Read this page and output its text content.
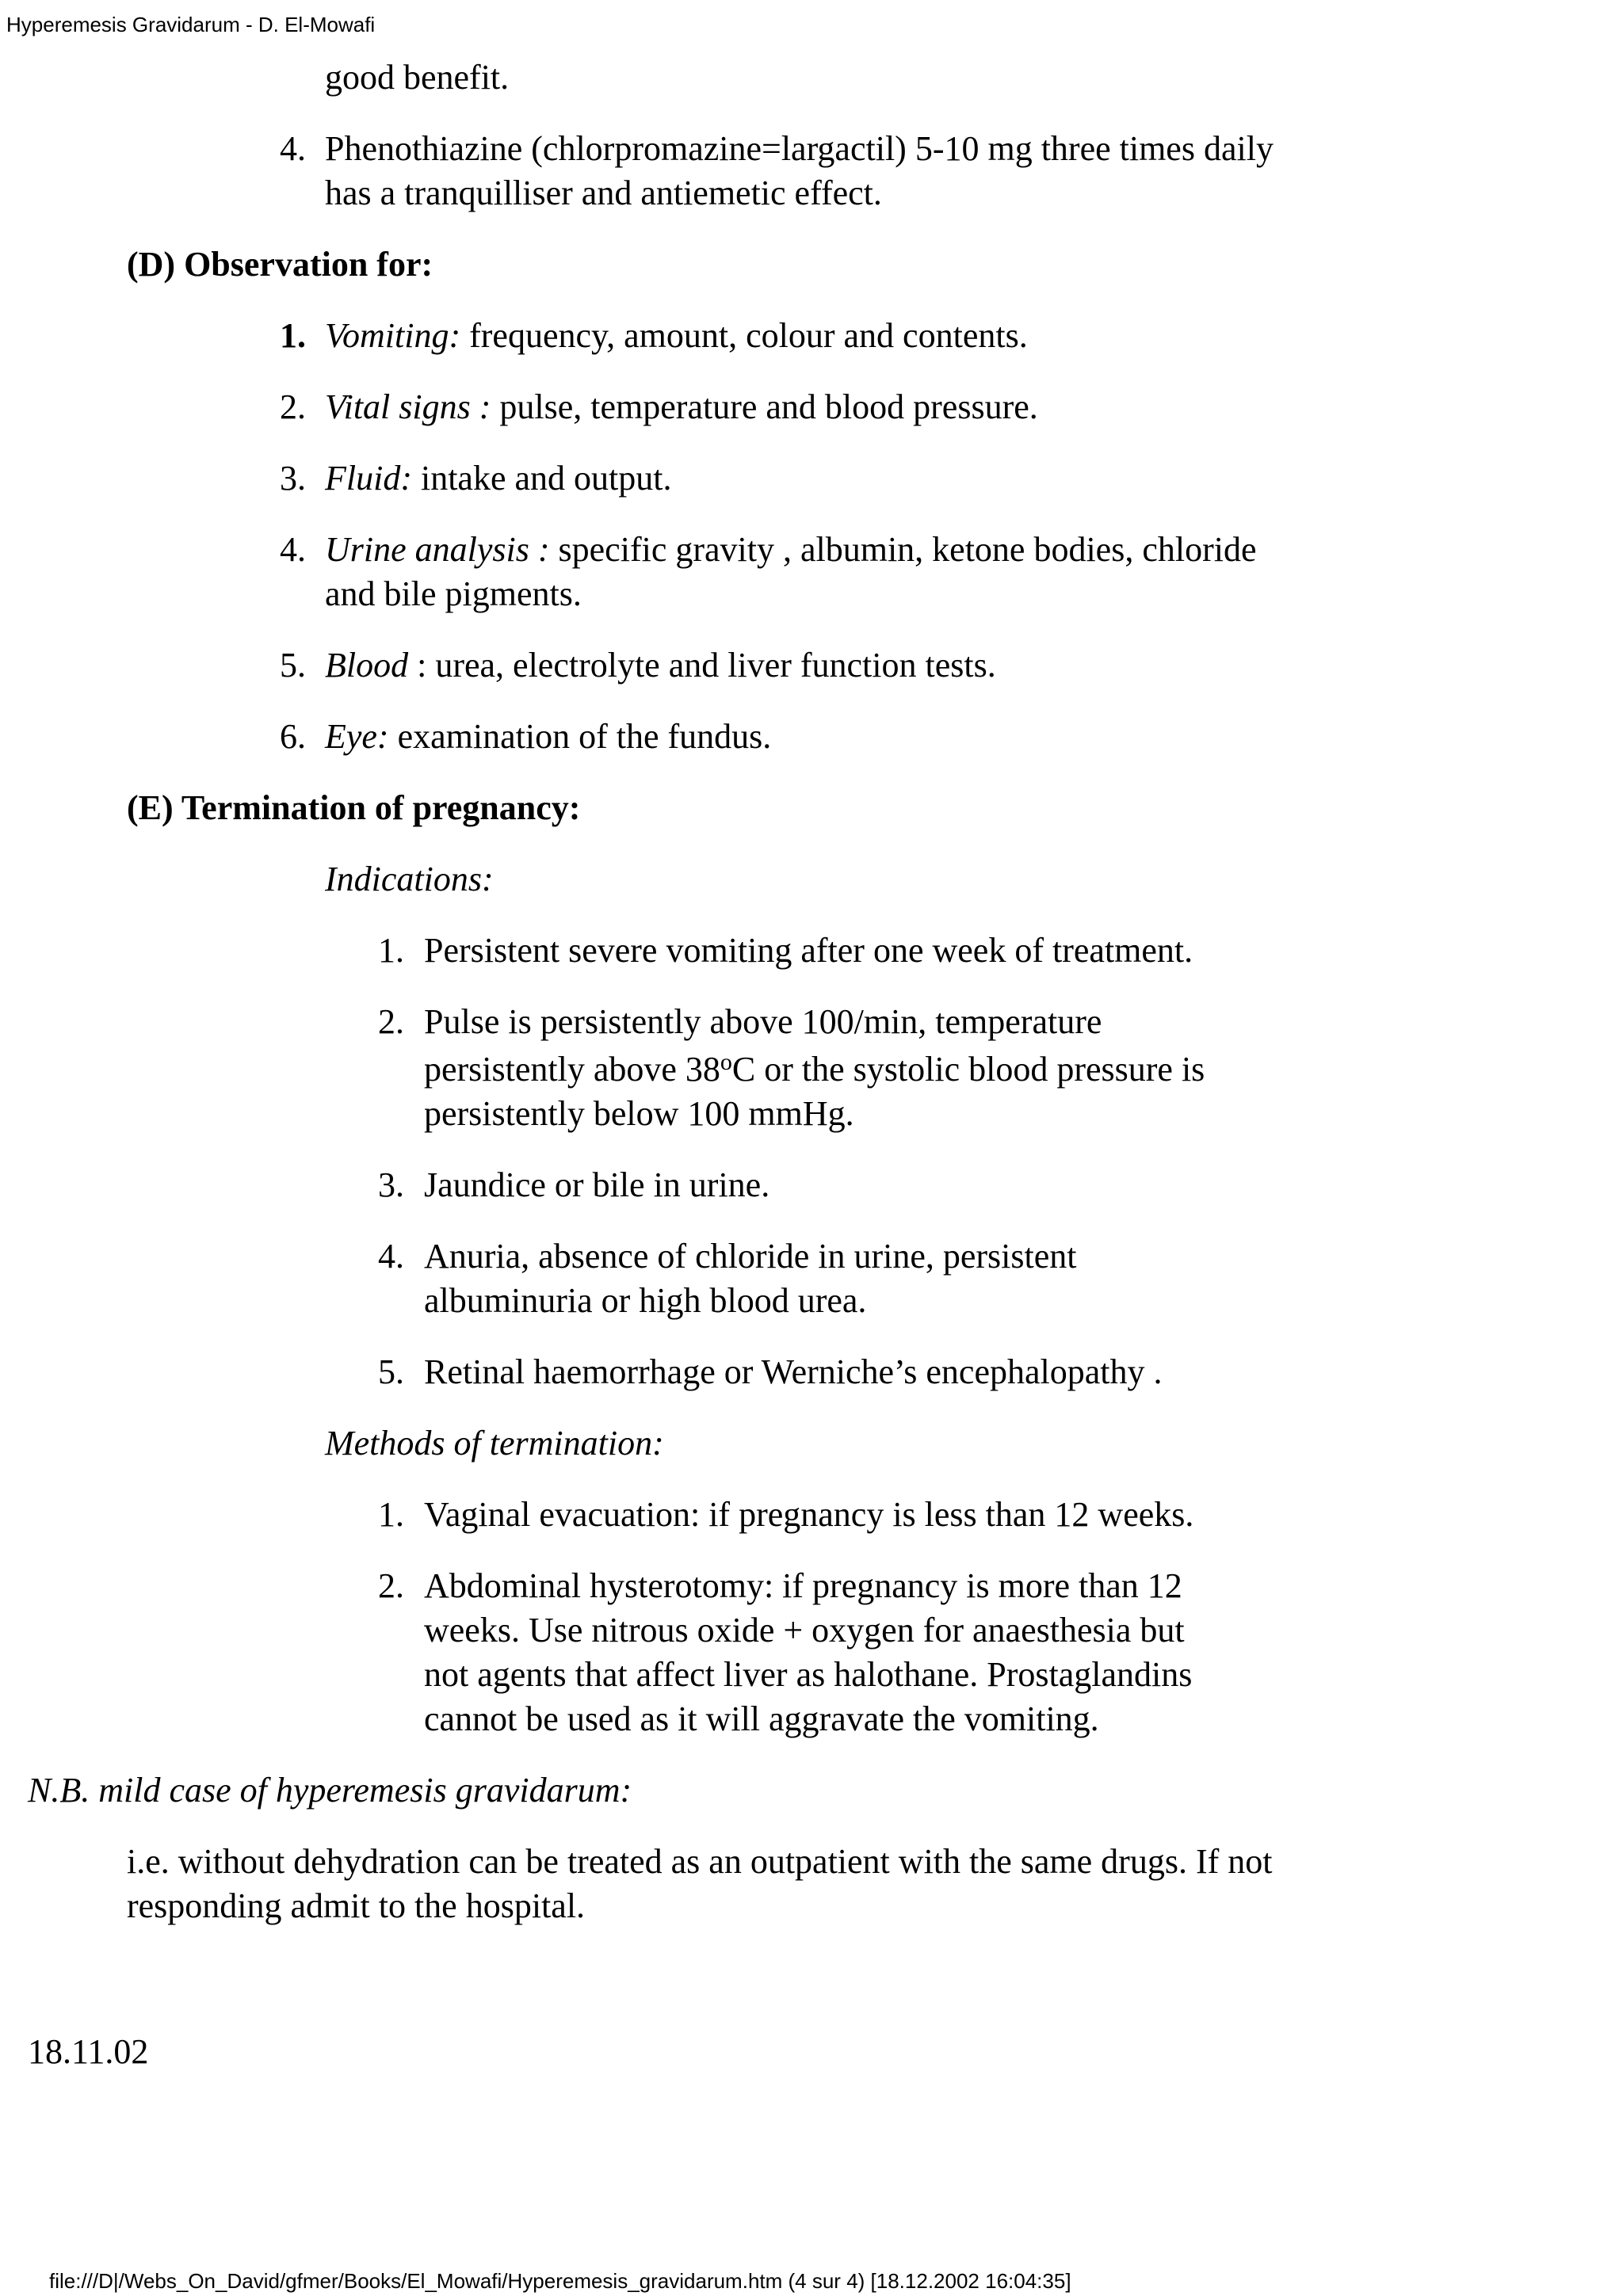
Hyperemesis Gravidarum - D. El-Mowafi
good benefit.
4. Phenothiazine (chlorpromazine=largactil) 5-10 mg three times daily
has a tranquilliser and antiemetic effect.
(D) Observation for:
1. Vomiting: frequency, amount, colour and contents.
2. Vital signs : pulse, temperature and blood pressure.
3. Fluid: intake and output.
4. Urine analysis : specific gravity , albumin, ketone bodies, chloride
and bile pigments.
5. Blood : urea, electrolyte and liver function tests.
6. Eye: examination of the fundus.
(E) Termination of pregnancy:
Indications:
1. Persistent severe vomiting after one week of treatment.
2. Pulse is persistently above 100/min, temperature
persistently above 38$^o$C or the systolic blood pressure is
persistently below 100 mmHg.
3. Jaundice or bile in urine.
4. Anuria, absence of chloride in urine, persistent
albuminuria or high blood urea.
5. Retinal haemorrhage or Werniche’s encephalopathy .
Methods of termination:
1. Vaginal evacuation: if pregnancy is less than 12 weeks.
2. Abdominal hysterotomy: if pregnancy is more than 12
weeks. Use nitrous oxide + oxygen for anaesthesia but
not agents that affect liver as halothane. Prostaglandins
cannot be used as it will aggravate the vomiting.
N.B. mild case of hyperemesis gravidarum:
i.e. without dehydration can be treated as an outpatient with the same drugs. If not
responding admit to the hospital.
18.11.02
file:///D|/Webs_On_David/gfmer/Books/El_Mowafi/Hyperemesis_gravidarum.htm (4 sur 4) [18.12.2002 16:04:35]
